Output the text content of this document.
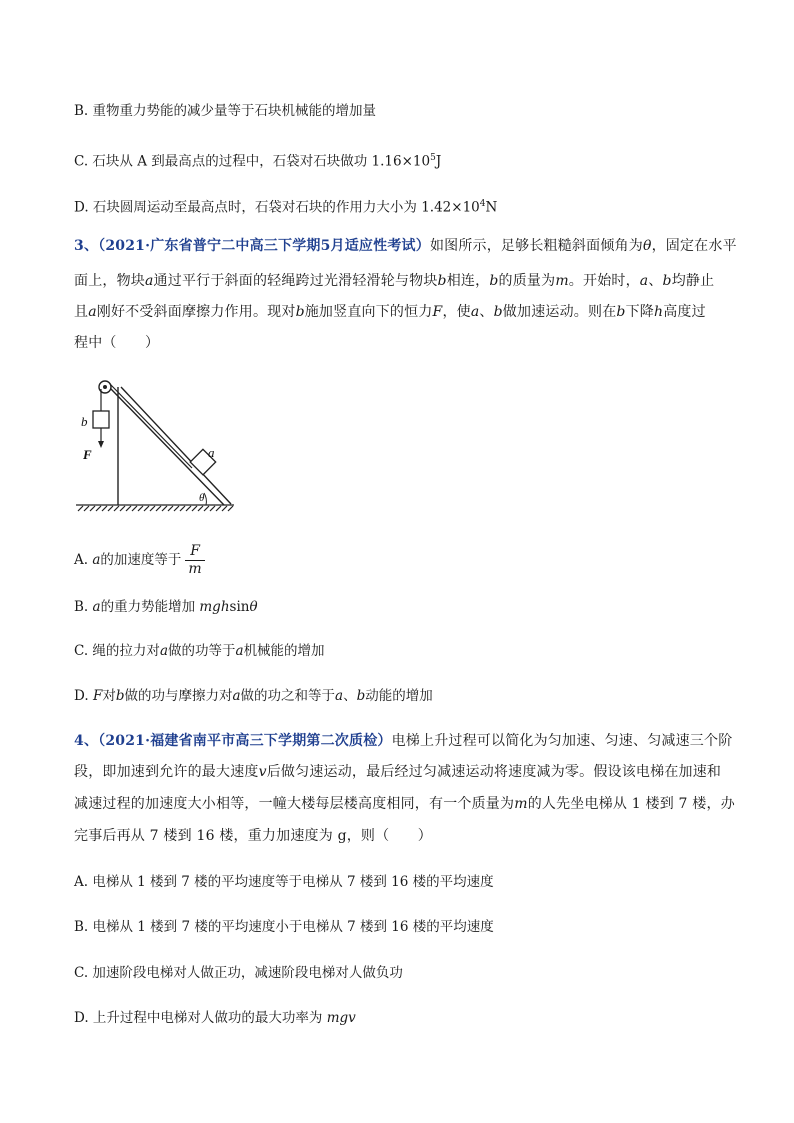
B. 重物重力势能的减少量等于石块机械能的增加量
C. 石块从 A 到最高点的过程中，石袋对石块做功 $1.16\times 10^5J$
D. 石块圆周运动至最高点时，石袋对石块的作用力大小为 $1.42\times 10^4N$
3、（2021·广东省普宁二中高三下学期5月适应性考试）如图所示，足够长粗糙斜面倾角为θ，固定在水平
面上，物块a通过平行于斜面的轻绳跨过光滑轻滑轮与物块b相连，b的质量为m。开始时，a、b均静止
且a刚好不受斜面摩擦力作用。现对b施加竖直向下的恒力F，使a、b做加速运动。则在b下降h高度过
程中（　　）
b
F	a
θ
A. a的加速度等于 $\frac{F}{m}$
B. a的重力势能增加 mghsinθ
C. 绳的拉力对a做的功等于a机械能的增加
D. F对b做的功与摩擦力对a做的功之和等于a、b动能的增加
4、（2021·福建省南平市高三下学期第二次质检）电梯上升过程可以简化为匀加速、匀速、匀减速三个阶
段，即加速到允许的最大速度v后做匀速运动，最后经过匀减速运动将速度减为零。假设该电梯在加速和
减速过程的加速度大小相等，一幢大楼每层楼高度相同，有一个质量为m的人先坐电梯从 1 楼到 7 楼，办
完事后再从 7 楼到 16 楼，重力加速度为 g，则（　　）
A. 电梯从 1 楼到 7 楼的平均速度等于电梯从 7 楼到 16 楼的平均速度
B. 电梯从 1 楼到 7 楼的平均速度小于电梯从 7 楼到 16 楼的平均速度
C. 加速阶段电梯对人做正功，减速阶段电梯对人做负功
D. 上升过程中电梯对人做功的最大功率为 mgv
